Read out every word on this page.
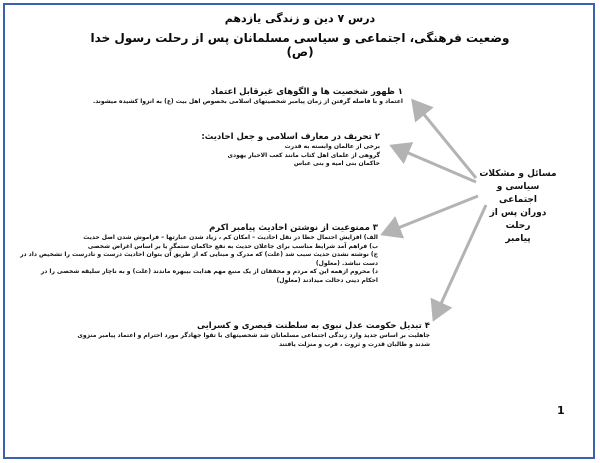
درس ۷ دین و زندگی یازدهم
وضعیت فرهنگی، اجتماعی و سیاسی مسلمانان پس از رحلت رسول خدا (ص)
۱ ظهور شخصیت ها و الگوهای غیرقابل اعتماد
اعتماد و با فاصله گرفتن از زمان پیامبر شخصیتهای اسلامی بخصوص اهل بیت (ع) به انزوا کشیده میشوند.
۲ تحریف در معارف اسلامی و جعل احادیث:
برخی از عالمان وابسته به قدرت
گروهی از علمای اهل کتاب مانند کعب الاحبار یهودی
حاکمان بنی امیه و بنی عباس
۳ ممنوعیت از نوشتن احادیث پیامبر اکرم
الف) افزایش احتمال خطا در نقل احادیث – امکان کم ، زیاد شدن عبارتها – فراموش شدن اصل حدیث
ب) فراهم آمد شرایط مناسب برای جاعلان حدیث به نفع حاکمان ستمگر یا بر اساس اغراض شخصی
ج) نوشته نشدن حدیث سبب شد (علت) که مدرک و مبنایی که از طریق آن بتوان احادیث درست و نادرست را تشخیص داد در
دست نباشد. (معلول)
د) محروم ازهمه این که مردم و محققان از یک منبع مهم هدایت بیبهره ماندند (علت) و به ناچار سلیقه شخصی را در
احکام دینی دخالت میدادند (معلول)
۴ تبدیل حکومت عدل نبوی به سلطنت قیصری و کسرایی
جاهلیت بر اساس جدید وارد زندگی اجتماعی مسلمانان شد شخصیتهای با تقوا جهادگر مورد احترام و اعتماد پیامبر منزوی
شدند و طالبان قدرت و ثروت ، قرب و منزلت یافتند
مسائل و مشکلات
سیاسی و اجتماعی
دوران پس از رحلت
پیامبر
1
